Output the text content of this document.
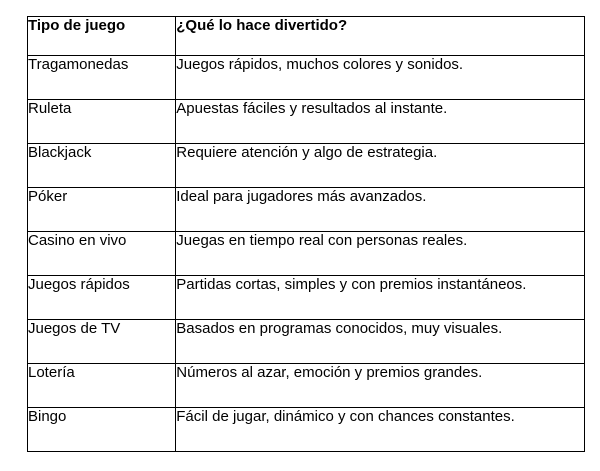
Tipo de juego	¿Qué lo hace divertido?
Tragamonedas	Juegos rápidos, muchos colores y sonidos.
Ruleta	Apuestas fáciles y resultados al instante.
Blackjack	Requiere atención y algo de estrategia.
Póker	Ideal para jugadores más avanzados.
Casino en vivo	Juegas en tiempo real con personas reales.
Juegos rápidos	Partidas cortas, simples y con premios instantáneos.
Juegos de TV	Basados en programas conocidos, muy visuales.
Lotería	Números al azar, emoción y premios grandes.
Bingo	Fácil de jugar, dinámico y con chances constantes.
